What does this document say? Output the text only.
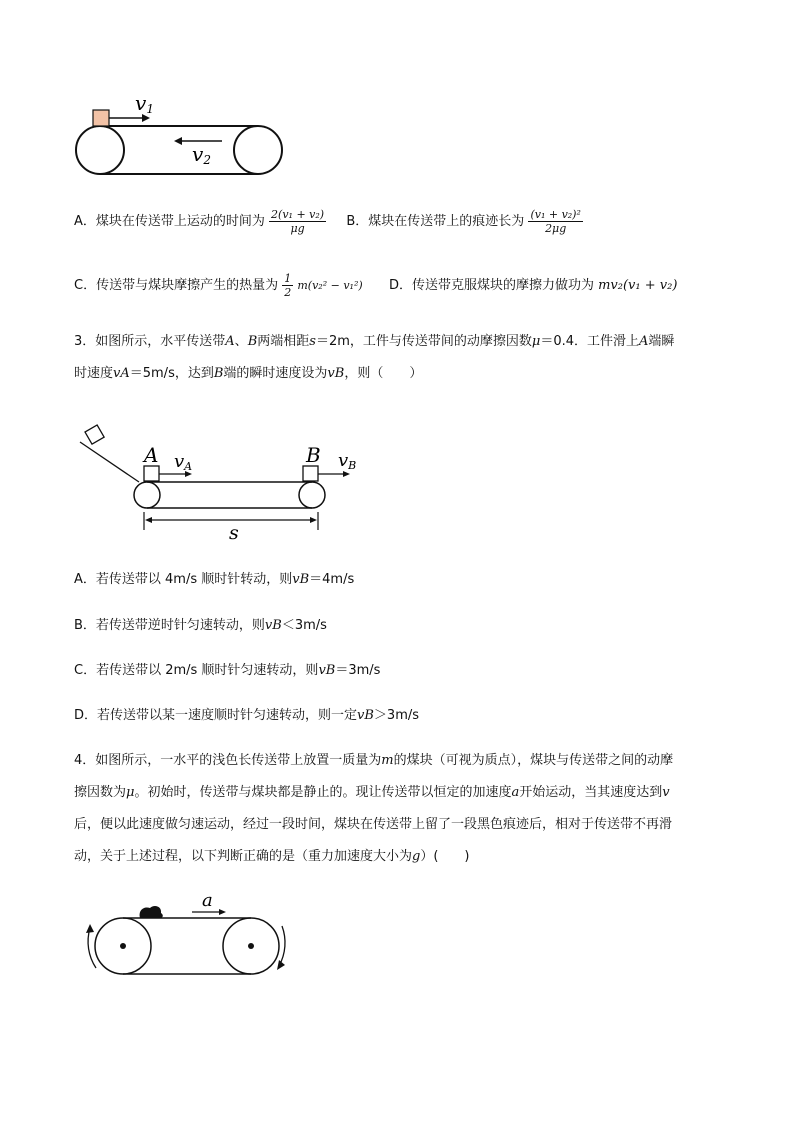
v1
v2
A．煤块在传送带上运动的时间为 $\frac{\text{2(v₁ + v₂)}}{\mu g}$ B．煤块在传送带上的痕迹长为 $\frac{\text{(v₁ + v₂)²}}{2\mu g}$
C．传送带与煤块摩擦产生的热量为 $\frac{1}{2} m(v_2^2 - v_1^2)$ D．传送带克服煤块的摩擦力做功为 mv₂(v₁ + v₂)
3．如图所示，水平传送带A、B两端相距s＝2m，工件与传送带间的动摩擦因数μ＝0.4．工件滑上A端瞬
时速度vA＝5m/s，达到B端的瞬时速度设为vB，则（　　）
A	B
vA	vB
s
A．若传送带以 4m/s 顺时针转动，则vB＝4m/s
B．若传送带逆时针匀速转动，则vB＜3m/s
C．若传送带以 2m/s 顺时针匀速转动，则vB＝3m/s
D．若传送带以某一速度顺时针匀速转动，则一定vB＞3m/s
4．如图所示，一水平的浅色长传送带上放置一质量为m的煤块（可视为质点），煤块与传送带之间的动摩
擦因数为μ。初始时，传送带与煤块都是静止的。现让传送带以恒定的加速度a开始运动，当其速度达到v
后，便以此速度做匀速运动，经过一段时间，煤块在传送带上留了一段黑色痕迹后，相对于传送带不再滑
动，关于上述过程，以下判断正确的是（重力加速度大小为g）(　　)
a
